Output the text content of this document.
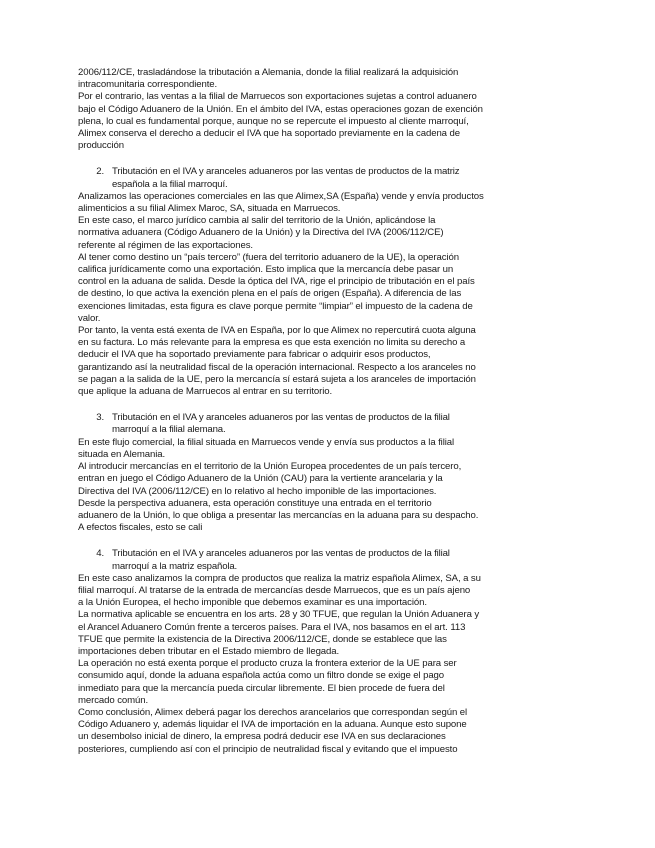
2006/112/CE, trasladándose la tributación a Alemania, donde la filial realizará la adquisición
intracomunitaria correspondiente.

Por el contrario, las ventas a la filial de Marruecos son exportaciones sujetas a control aduanero
bajo el Código Aduanero de la Unión. En el ámbito del IVA, estas operaciones gozan de exención
plena, lo cual es fundamental porque, aunque no se repercute el impuesto al cliente marroquí,
Alimex conserva el derecho a deducir el IVA que ha soportado previamente en la cadena de
producción

2. Tributación en el IVA y aranceles aduaneros por las ventas de productos de la matriz
española a la filial marroquí.

Analizamos las operaciones comerciales en las que Alimex,SA (España) vende y envía productos
alimenticios a su filial Alimex Maroc, SA, situada en Marruecos.

En este caso, el marco jurídico cambia al salir del territorio de la Unión, aplicándose la
normativa aduanera (Código Aduanero de la Unión) y la Directiva del IVA (2006/112/CE)
referente al régimen de las exportaciones.

Al tener como destino un “país tercero” (fuera del territorio aduanero de la UE), la operación
califica jurídicamente como una exportación. Esto implica que la mercancía debe pasar un
control en la aduana de salida. Desde la óptica del IVA, rige el principio de tributación en el país
de destino, lo que activa la exención plena en el país de origen (España). A diferencia de las
exenciones limitadas, esta figura es clave porque permite “limpiar” el impuesto de la cadena de
valor.

Por tanto, la venta está exenta de IVA en España, por lo que Alimex no repercutirá cuota alguna
en su factura. Lo más relevante para la empresa es que esta exención no limita su derecho a
deducir el IVA que ha soportado previamente para fabricar o adquirir esos productos,
garantizando así la neutralidad fiscal de la operación internacional. Respecto a los aranceles no
se pagan a la salida de la UE, pero la mercancía sí estará sujeta a los aranceles de importación
que aplique la aduana de Marruecos al entrar en su territorio.

3. Tributación en el IVA y aranceles aduaneros por las ventas de productos de la filial
marroquí a la filial alemana.

En este flujo comercial, la filial situada en Marruecos vende y envía sus productos a la filial
situada en Alemania.

Al introducir mercancías en el territorio de la Unión Europea procedentes de un país tercero,
entran en juego el Código Aduanero de la Unión (CAU) para la vertiente arancelaria y la
Directiva del IVA (2006/112/CE) en lo relativo al hecho imponible de las importaciones.

Desde la perspectiva aduanera, esta operación constituye una entrada en el territorio
aduanero de la Unión, lo que obliga a presentar las mercancías en la aduana para su despacho.

A efectos fiscales, esto se cali

4. Tributación en el IVA y aranceles aduaneros por las ventas de productos de la filial
marroquí a la matriz española.

En este caso analizamos la compra de productos que realiza la matriz española Alimex, SA, a su
filial marroquí. Al tratarse de la entrada de mercancías desde Marruecos, que es un país ajeno
a la Unión Europea, el hecho imponible que debemos examinar es una importación.

La normativa aplicable se encuentra en los arts. 28 y 30 TFUE, que regulan la Unión Aduanera y
el Arancel Aduanero Común frente a terceros países. Para el IVA, nos basamos en el art. 113
TFUE que permite la existencia de la Directiva 2006/112/CE, donde se establece que las
importaciones deben tributar en el Estado miembro de llegada.

La operación no está exenta porque el producto cruza la frontera exterior de la UE para ser
consumido aquí, donde la aduana española actúa como un filtro donde se exige el pago
inmediato para que la mercancía pueda circular libremente. El bien procede de fuera del
mercado común.

Como conclusión, Alimex deberá pagar los derechos arancelarios que correspondan según el
Código Aduanero y, además liquidar el IVA de importación en la aduana. Aunque esto supone
un desembolso inicial de dinero, la empresa podrá deducir ese IVA en sus declaraciones
posteriores, cumpliendo así con el principio de neutralidad fiscal y evitando que el impuesto
